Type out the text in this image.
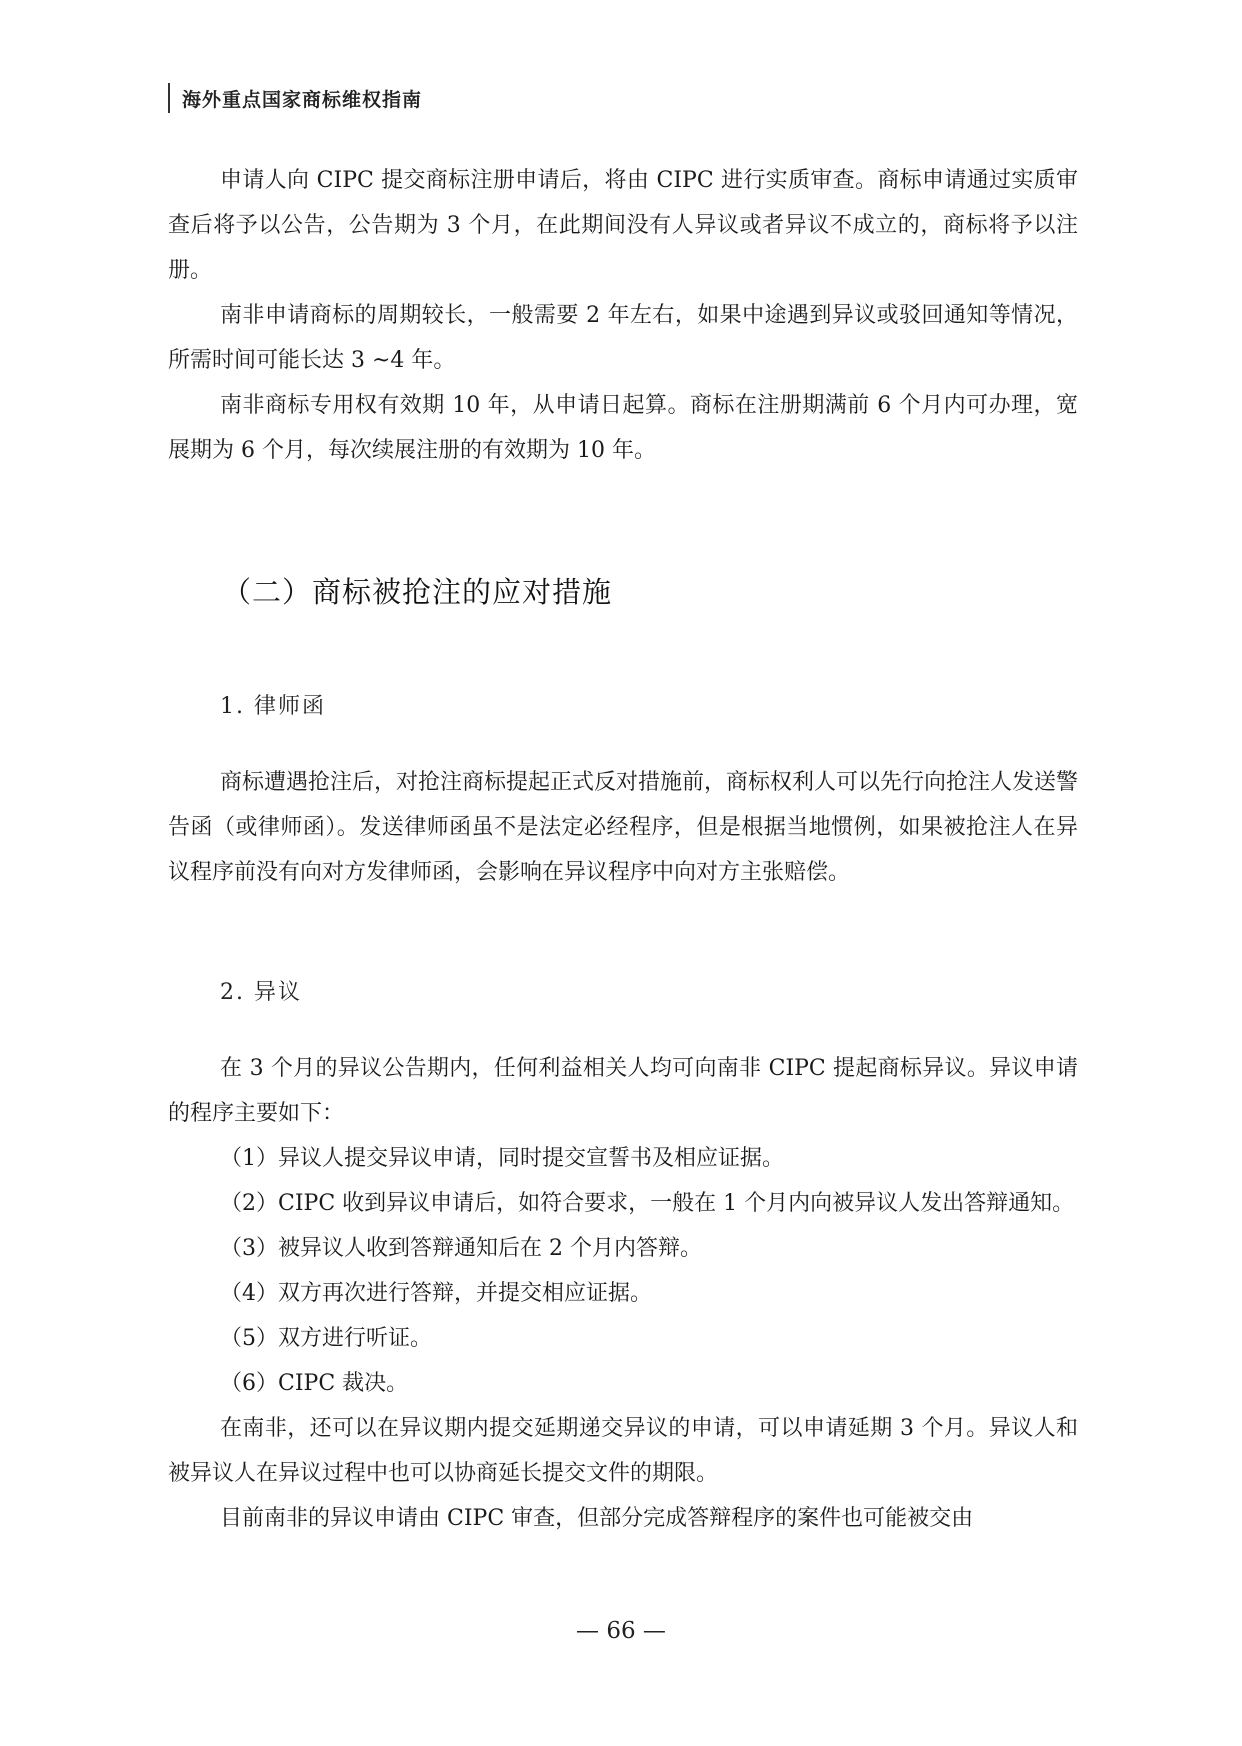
海外重点国家商标维权指南

申请人向 CIPC 提交商标注册申请后，将由 CIPC 进行实质审查。商标申请通过实质审查后将予以公告，公告期为 3 个月，在此期间没有人异议或者异议不成立的，商标将予以注册。

南非申请商标的周期较长，一般需要 2 年左右，如果中途遇到异议或驳回通知等情况，所需时间可能长达 3 ~4 年。

南非商标专用权有效期 10 年，从申请日起算。商标在注册期满前 6 个月内可办理，宽展期为 6 个月，每次续展注册的有效期为 10 年。

（二）商标被抢注的应对措施
1. 律师函

商标遭遇抢注后，对抢注商标提起正式反对措施前，商标权利人可以先行向抢注人发送警告函（或律师函）。发送律师函虽不是法定必经程序，但是根据当地惯例，如果被抢注人在异议程序前没有向对方发律师函，会影响在异议程序中向对方主张赔偿。

2. 异议

在 3 个月的异议公告期内，任何利益相关人均可向南非 CIPC 提起商标异议。异议申请的程序主要如下：

（1）异议人提交异议申请，同时提交宣誓书及相应证据。

（2）CIPC 收到异议申请后，如符合要求，一般在 1 个月内向被异议人发出答辩通知。

（3）被异议人收到答辩通知后在 2 个月内答辩。

（4）双方再次进行答辩，并提交相应证据。

（5）双方进行听证。

（6）CIPC 裁决。

在南非，还可以在异议期内提交延期递交异议的申请，可以申请延期 3 个月。异议人和被异议人在异议过程中也可以协商延长提交文件的期限。

目前南非的异议申请由 CIPC 审查，但部分完成答辩程序的案件也可能被交由

— 66 —
